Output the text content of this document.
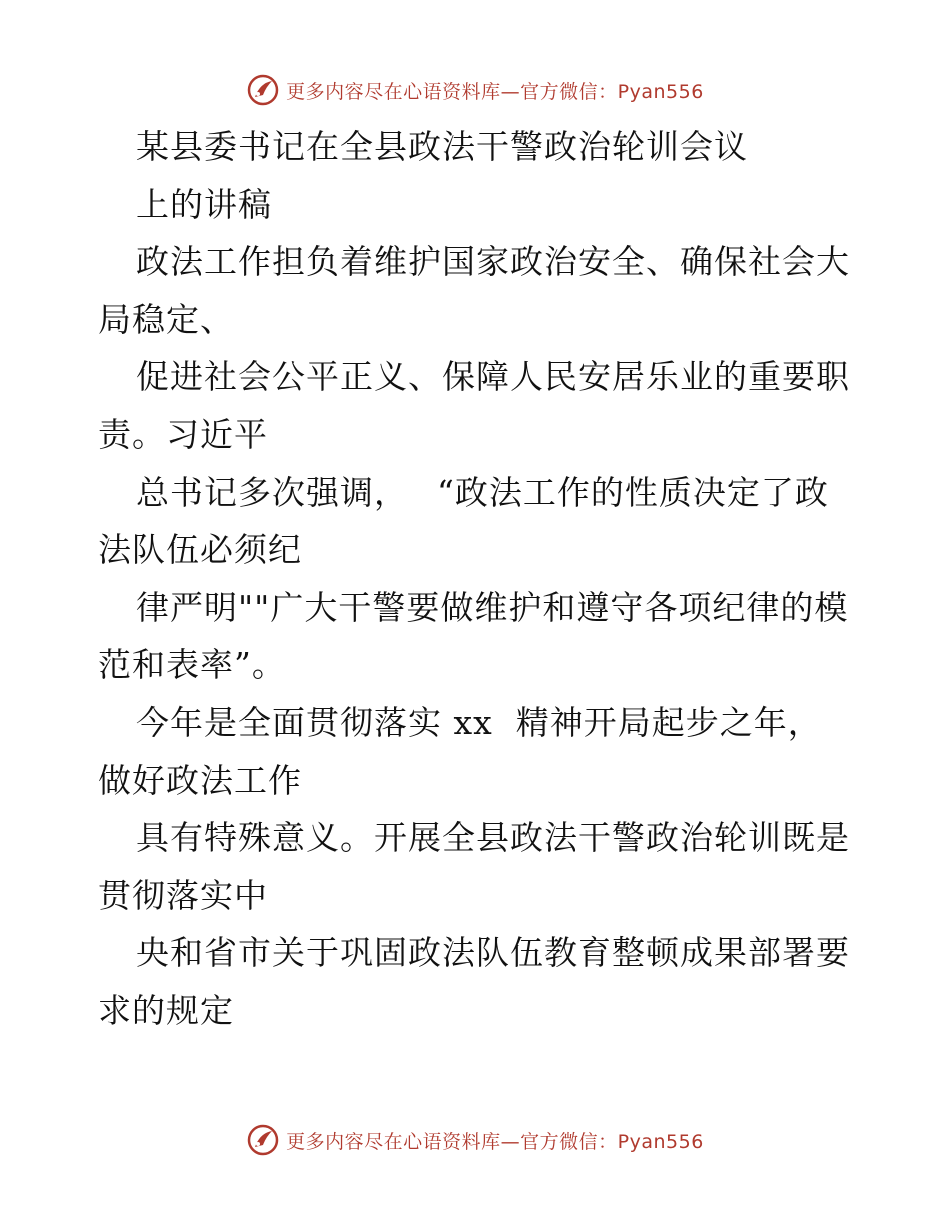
更多内容尽在心语资料库—官方微信：Pyan556
某县委书记在全县政法干警政治轮训会议
上的讲稿
政法工作担负着维护国家政治安全、确保社会大
局稳定、
促进社会公平正义、保障人民安居乐业的重要职
责。习近平
总书记多次强调，　 “政法工作的性质决定了政
法队伍必须纪
律严明""广大干警要做维护和遵守各项纪律的模
范和表率”。
今年是全面贯彻落实 xx  精神开局起步之年，
做好政法工作
具有特殊意义。开展全县政法干警政治轮训既是
贯彻落实中
央和省市关于巩固政法队伍教育整顿成果部署要
求的规定
更多内容尽在心语资料库—官方微信：Pyan556
